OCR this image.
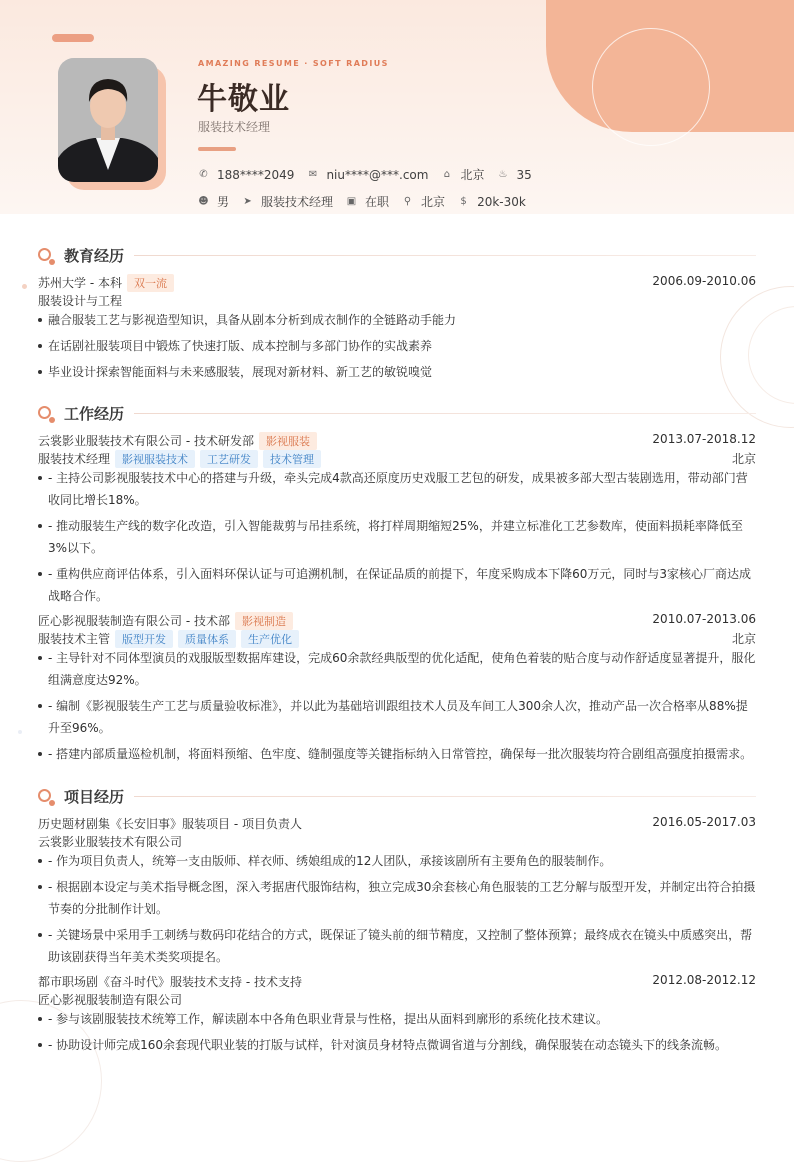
AMAZING RESUME · SOFT RADIUS
牛敬业
服装技术经理
✆ 188****2049 ✉ niu****@***.com ⌂ 北京 ♨ 35
☻ 男 ➤ 服装技术经理 ▣ 在职 ⚲ 北京 $ 20k-30k
教育经历
苏州大学 - 本科 双一流	2006.09-2010.06
服装设计与工程
融合服装工艺与影视造型知识，具备从剧本分析到成衣制作的全链路动手能力
在话剧社服装项目中锻炼了快速打版、成本控制与多部门协作的实战素养
毕业设计探索智能面料与未来感服装，展现对新材料、新工艺的敏锐嗅觉
工作经历
云裳影业服装技术有限公司 - 技术研发部 影视服装	2013.07-2018.12
服装技术经理 影视服装技术 工艺研发 技术管理	北京
- 主持公司影视服装技术中心的搭建与升级，牵头完成4款高还原度历史戏服工艺包的研发，成果被多部大型古装剧选用，带动部门营收同比增长18%。
- 推动服装生产线的数字化改造，引入智能裁剪与吊挂系统，将打样周期缩短25%，并建立标准化工艺参数库，使面料损耗率降低至3%以下。
- 重构供应商评估体系，引入面料环保认证与可追溯机制，在保证品质的前提下，年度采购成本下降60万元，同时与3家核心厂商达成战略合作。
匠心影视服装制造有限公司 - 技术部 影视制造	2010.07-2013.06
服装技术主管 版型开发 质量体系 生产优化	北京
- 主导针对不同体型演员的戏服版型数据库建设，完成60余款经典版型的优化适配，使角色着装的贴合度与动作舒适度显著提升，服化组满意度达92%。
- 编制《影视服装生产工艺与质量验收标准》，并以此为基础培训跟组技术人员及车间工人300余人次，推动产品一次合格率从88%提升至96%。
- 搭建内部质量巡检机制，将面料预缩、色牢度、缝制强度等关键指标纳入日常管控，确保每一批次服装均符合剧组高强度拍摄需求。
项目经历
历史题材剧集《长安旧事》服装项目 - 项目负责人	2016.05-2017.03
云裳影业服装技术有限公司
- 作为项目负责人，统筹一支由版师、样衣师、绣娘组成的12人团队，承接该剧所有主要角色的服装制作。
- 根据剧本设定与美术指导概念图，深入考据唐代服饰结构，独立完成30余套核心角色服装的工艺分解与版型开发，并制定出符合拍摄节奏的分批制作计划。
- 关键场景中采用手工刺绣与数码印花结合的方式，既保证了镜头前的细节精度，又控制了整体预算；最终成衣在镜头中质感突出，帮助该剧获得当年美术类奖项提名。
都市职场剧《奋斗时代》服装技术支持 - 技术支持	2012.08-2012.12
匠心影视服装制造有限公司
- 参与该剧服装技术统筹工作，解读剧本中各角色职业背景与性格，提出从面料到廓形的系统化技术建议。
- 协助设计师完成160余套现代职业装的打版与试样，针对演员身材特点微调省道与分割线，确保服装在动态镜头下的线条流畅。
